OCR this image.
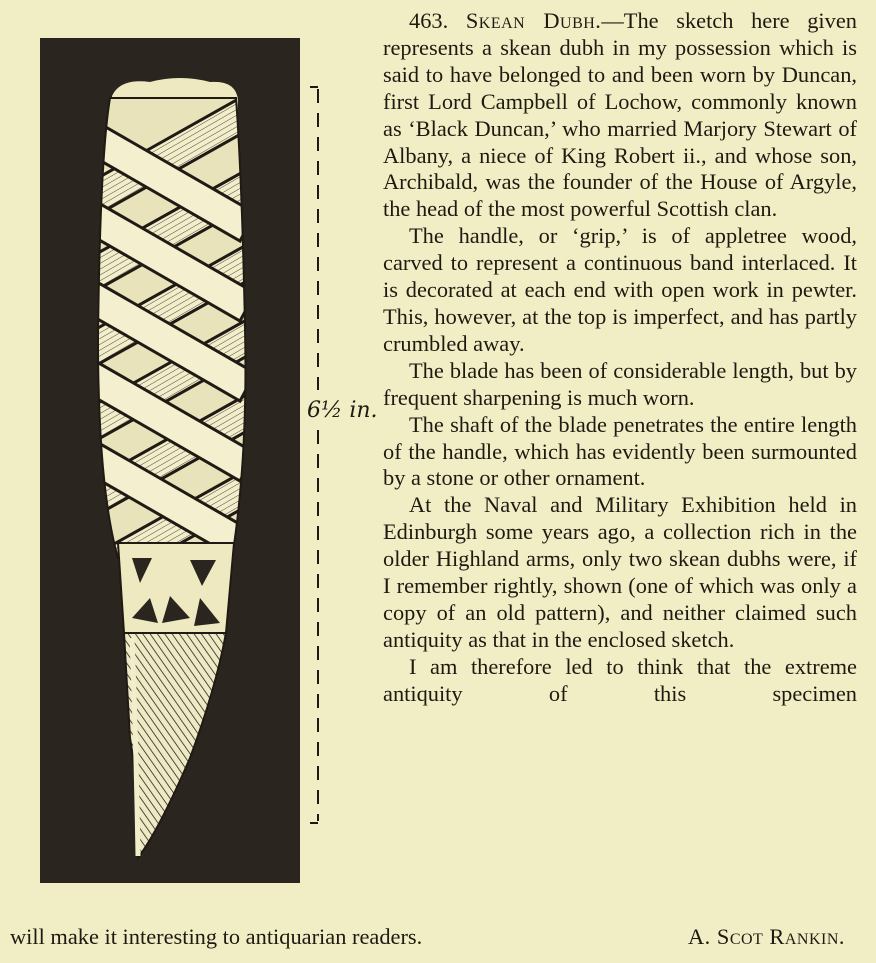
6½ in.

463. Skean Dubh.—The sketch here given represents a skean dubh in my possession which is said to have belonged to and been worn by Duncan, first Lord Campbell of Lochow, commonly known as ‘Black Duncan,’ who married Marjory Stewart of Albany, a niece of King Robert ii., and whose son, Archibald, was the founder of the House of Argyle, the head of the most powerful Scottish clan.

The handle, or ‘grip,’ is of appletree wood, carved to represent a continuous band interlaced. It is decorated at each end with open work in pewter. This, however, at the top is imperfect, and has partly crumbled away.

The blade has been of considerable length, but by frequent sharpening is much worn.

The shaft of the blade penetrates the entire length of the handle, which has evidently been surmounted by a stone or other ornament.

At the Naval and Military Exhibition held in Edinburgh some years ago, a collection rich in the older Highland arms, only two skean dubhs were, if I remember rightly, shown (one of which was only a copy of an old pattern), and neither claimed such antiquity as that in the enclosed sketch.

I am therefore led to think that the extreme antiquity of this specimen

will make it interesting to antiquarian readers.	A. Scot Rankin.
